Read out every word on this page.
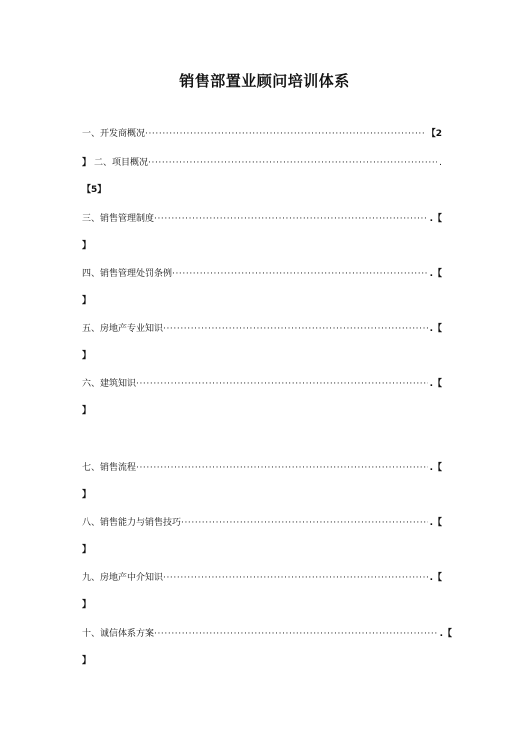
销售部置业顾问培训体系
一、开发商概况 ·····	【2
】 二、项目概况 ·····	.
【5】
三、销售管理制度 ·····	.【
】
四、销售管理处罚条例 ·····	.【
】
五、房地产专业知识 ·····	.【
】
六、建筑知识 ·····	.【
】
七、销售流程 ·····	.【
】
八、销售能力与销售技巧 ·····	.【
】
九、房地产中介知识 ·····	.【
】
十、诚信体系方案 ·····	.【
】
